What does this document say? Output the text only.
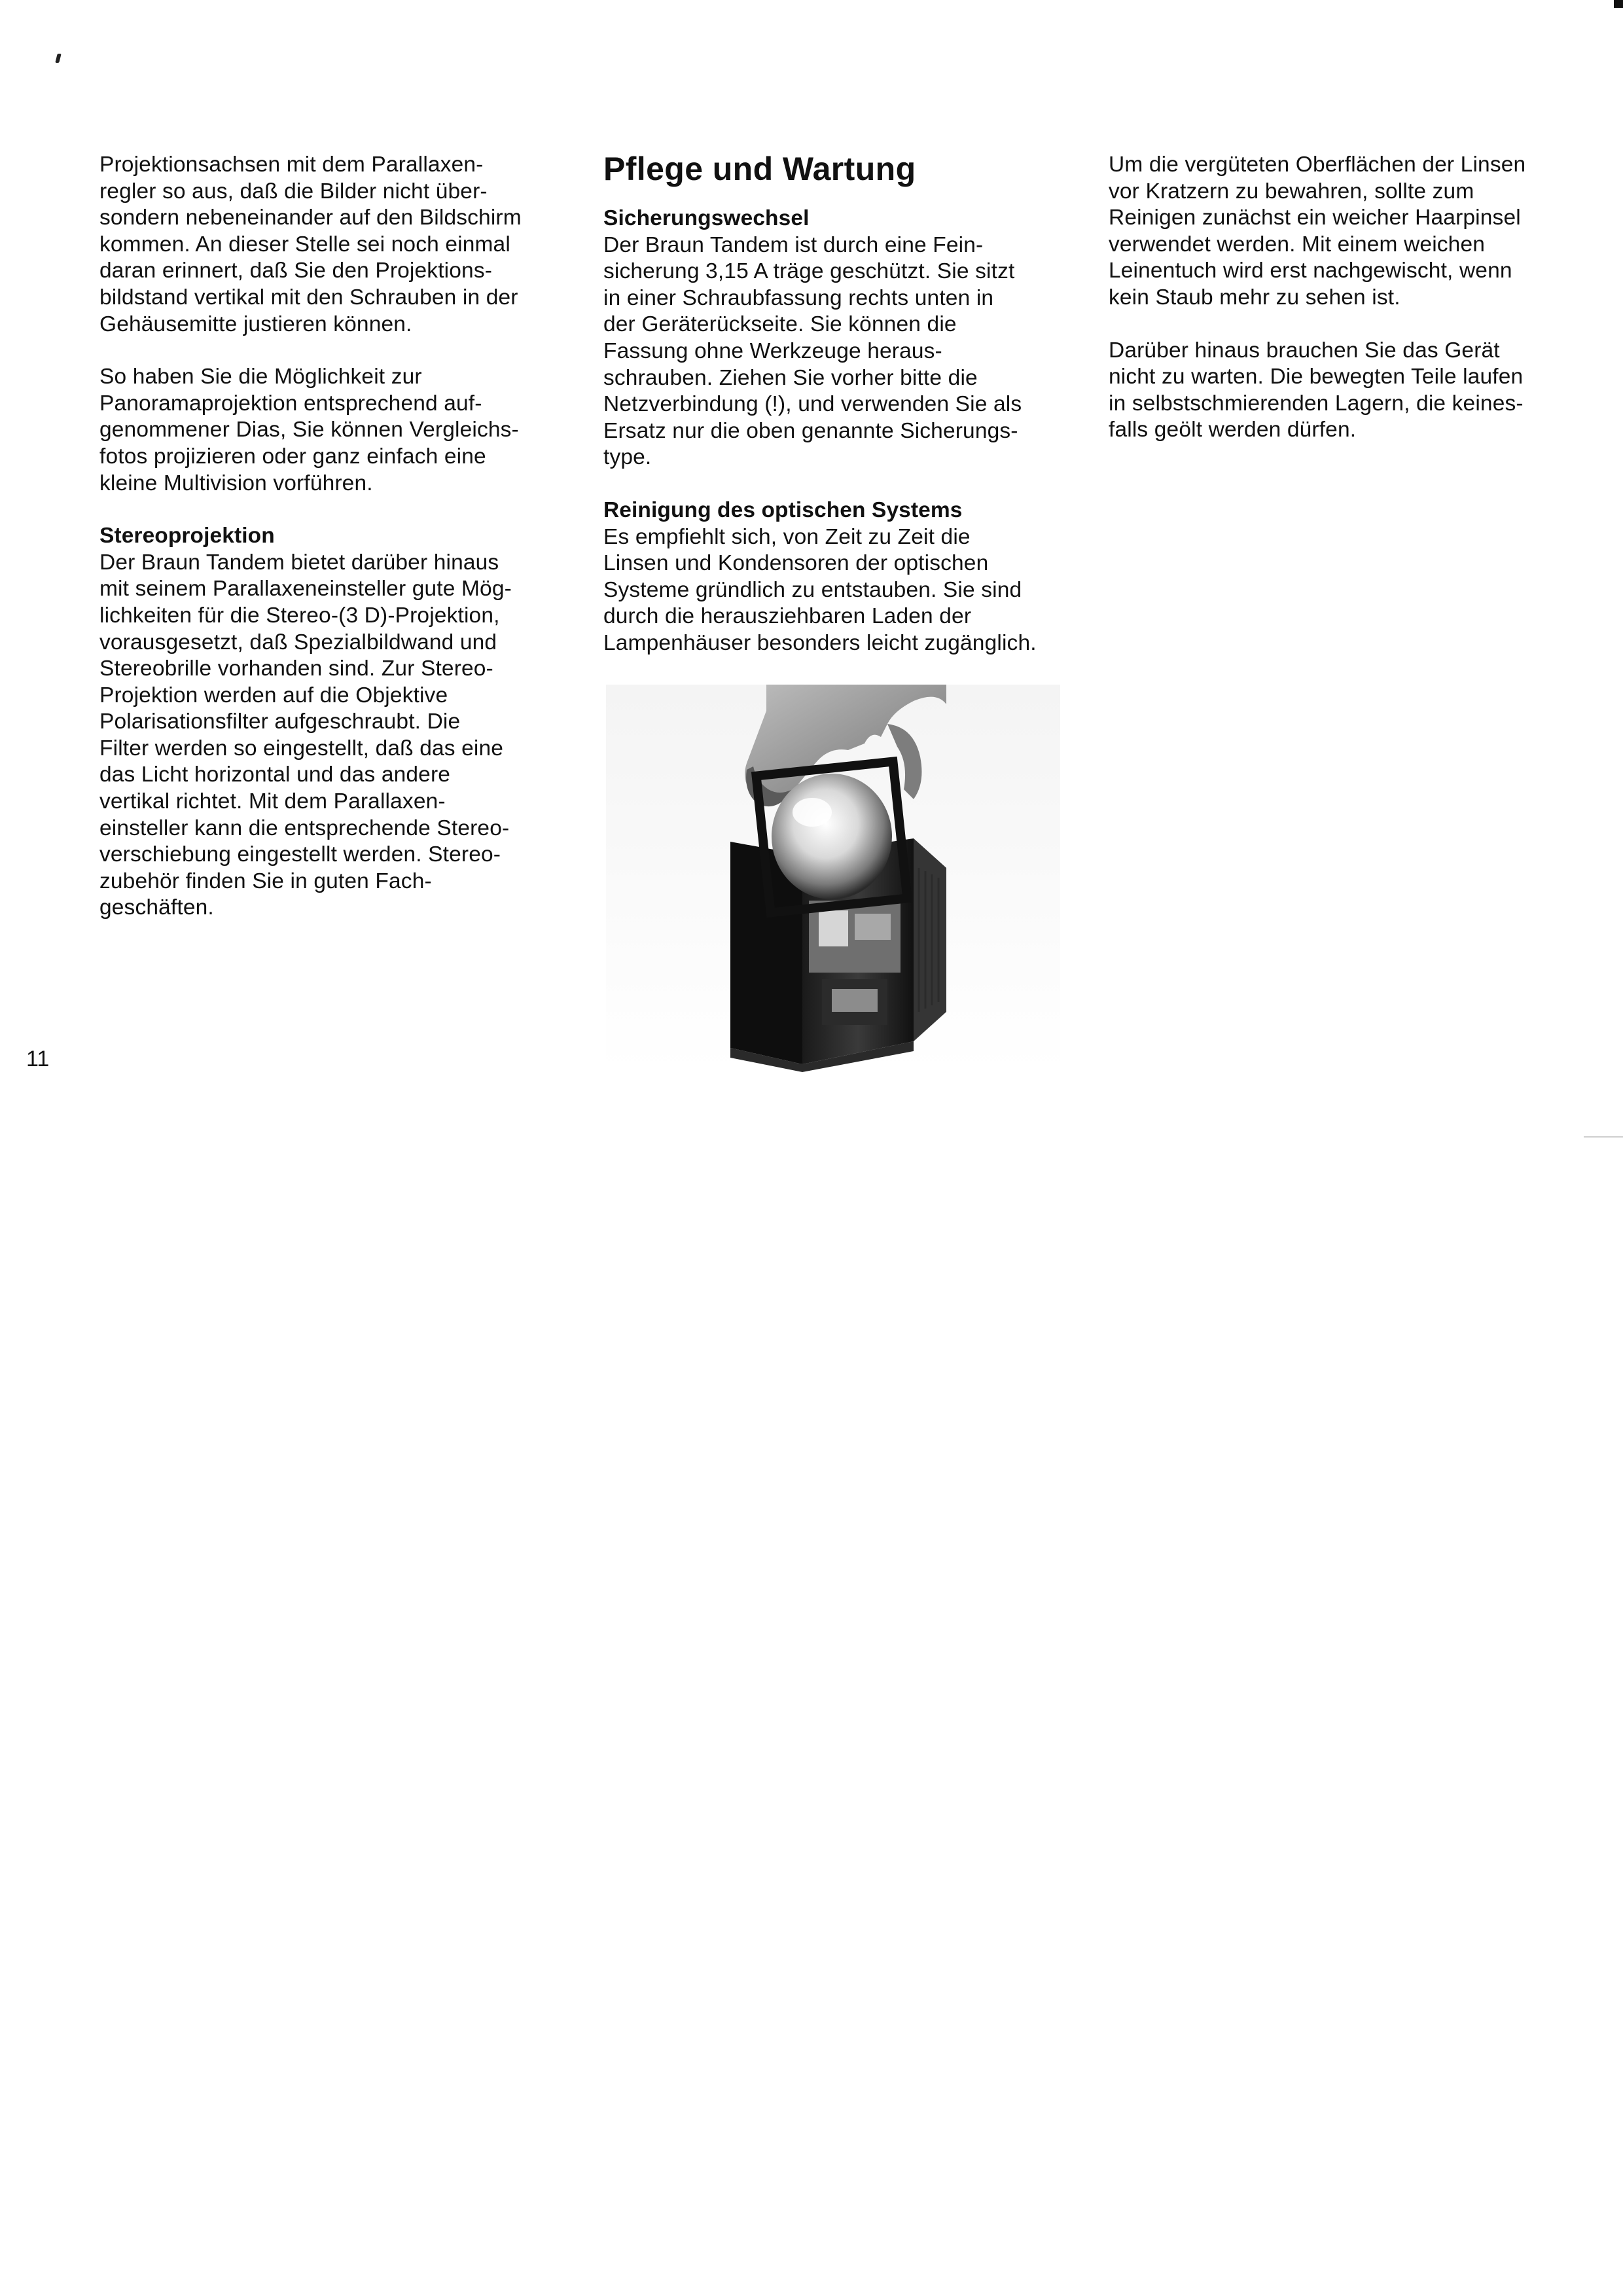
Projektionsachsen mit dem Parallaxen-
regler so aus, daß die Bilder nicht über-
sondern nebeneinander auf den Bildschirm
kommen. An dieser Stelle sei noch einmal
daran erinnert, daß Sie den Projektions-
bildstand vertikal mit den Schrauben in der
Gehäusemitte justieren können.

So haben Sie die Möglichkeit zur
Panoramaprojektion entsprechend auf-
genommener Dias, Sie können Vergleichs-
fotos projizieren oder ganz einfach eine
kleine Multivision vorführen.

Stereoprojektion

Der Braun Tandem bietet darüber hinaus
mit seinem Parallaxeneinsteller gute Mög-
lichkeiten für die Stereo-(3 D)-Projektion,
vorausgesetzt, daß Spezialbildwand und
Stereobrille vorhanden sind. Zur Stereo-
Projektion werden auf die Objektive
Polarisationsfilter aufgeschraubt. Die
Filter werden so eingestellt, daß das eine
das Licht horizontal und das andere
vertikal richtet. Mit dem Parallaxen-
einsteller kann die entsprechende Stereo-
verschiebung eingestellt werden. Stereo-
zubehör finden Sie in guten Fach-
geschäften.

Pflege und Wartung
Sicherungswechsel

Der Braun Tandem ist durch eine Fein-
sicherung 3,15 A träge geschützt. Sie sitzt
in einer Schraubfassung rechts unten in
der Geräterückseite. Sie können die
Fassung ohne Werkzeuge heraus-
schrauben. Ziehen Sie vorher bitte die
Netzverbindung (!), und verwenden Sie als
Ersatz nur die oben genannte Sicherungs-
type.

Reinigung des optischen Systems

Es empfiehlt sich, von Zeit zu Zeit die
Linsen und Kondensoren der optischen
Systeme gründlich zu entstauben. Sie sind
durch die herausziehbaren Laden der
Lampenhäuser besonders leicht zugänglich.

Um die vergüteten Oberflächen der Linsen
vor Kratzern zu bewahren, sollte zum
Reinigen zunächst ein weicher Haarpinsel
verwendet werden. Mit einem weichen
Leinentuch wird erst nachgewischt, wenn
kein Staub mehr zu sehen ist.

Darüber hinaus brauchen Sie das Gerät
nicht zu warten. Die bewegten Teile laufen
in selbstschmierenden Lagern, die keines-
falls geölt werden dürfen.

11
